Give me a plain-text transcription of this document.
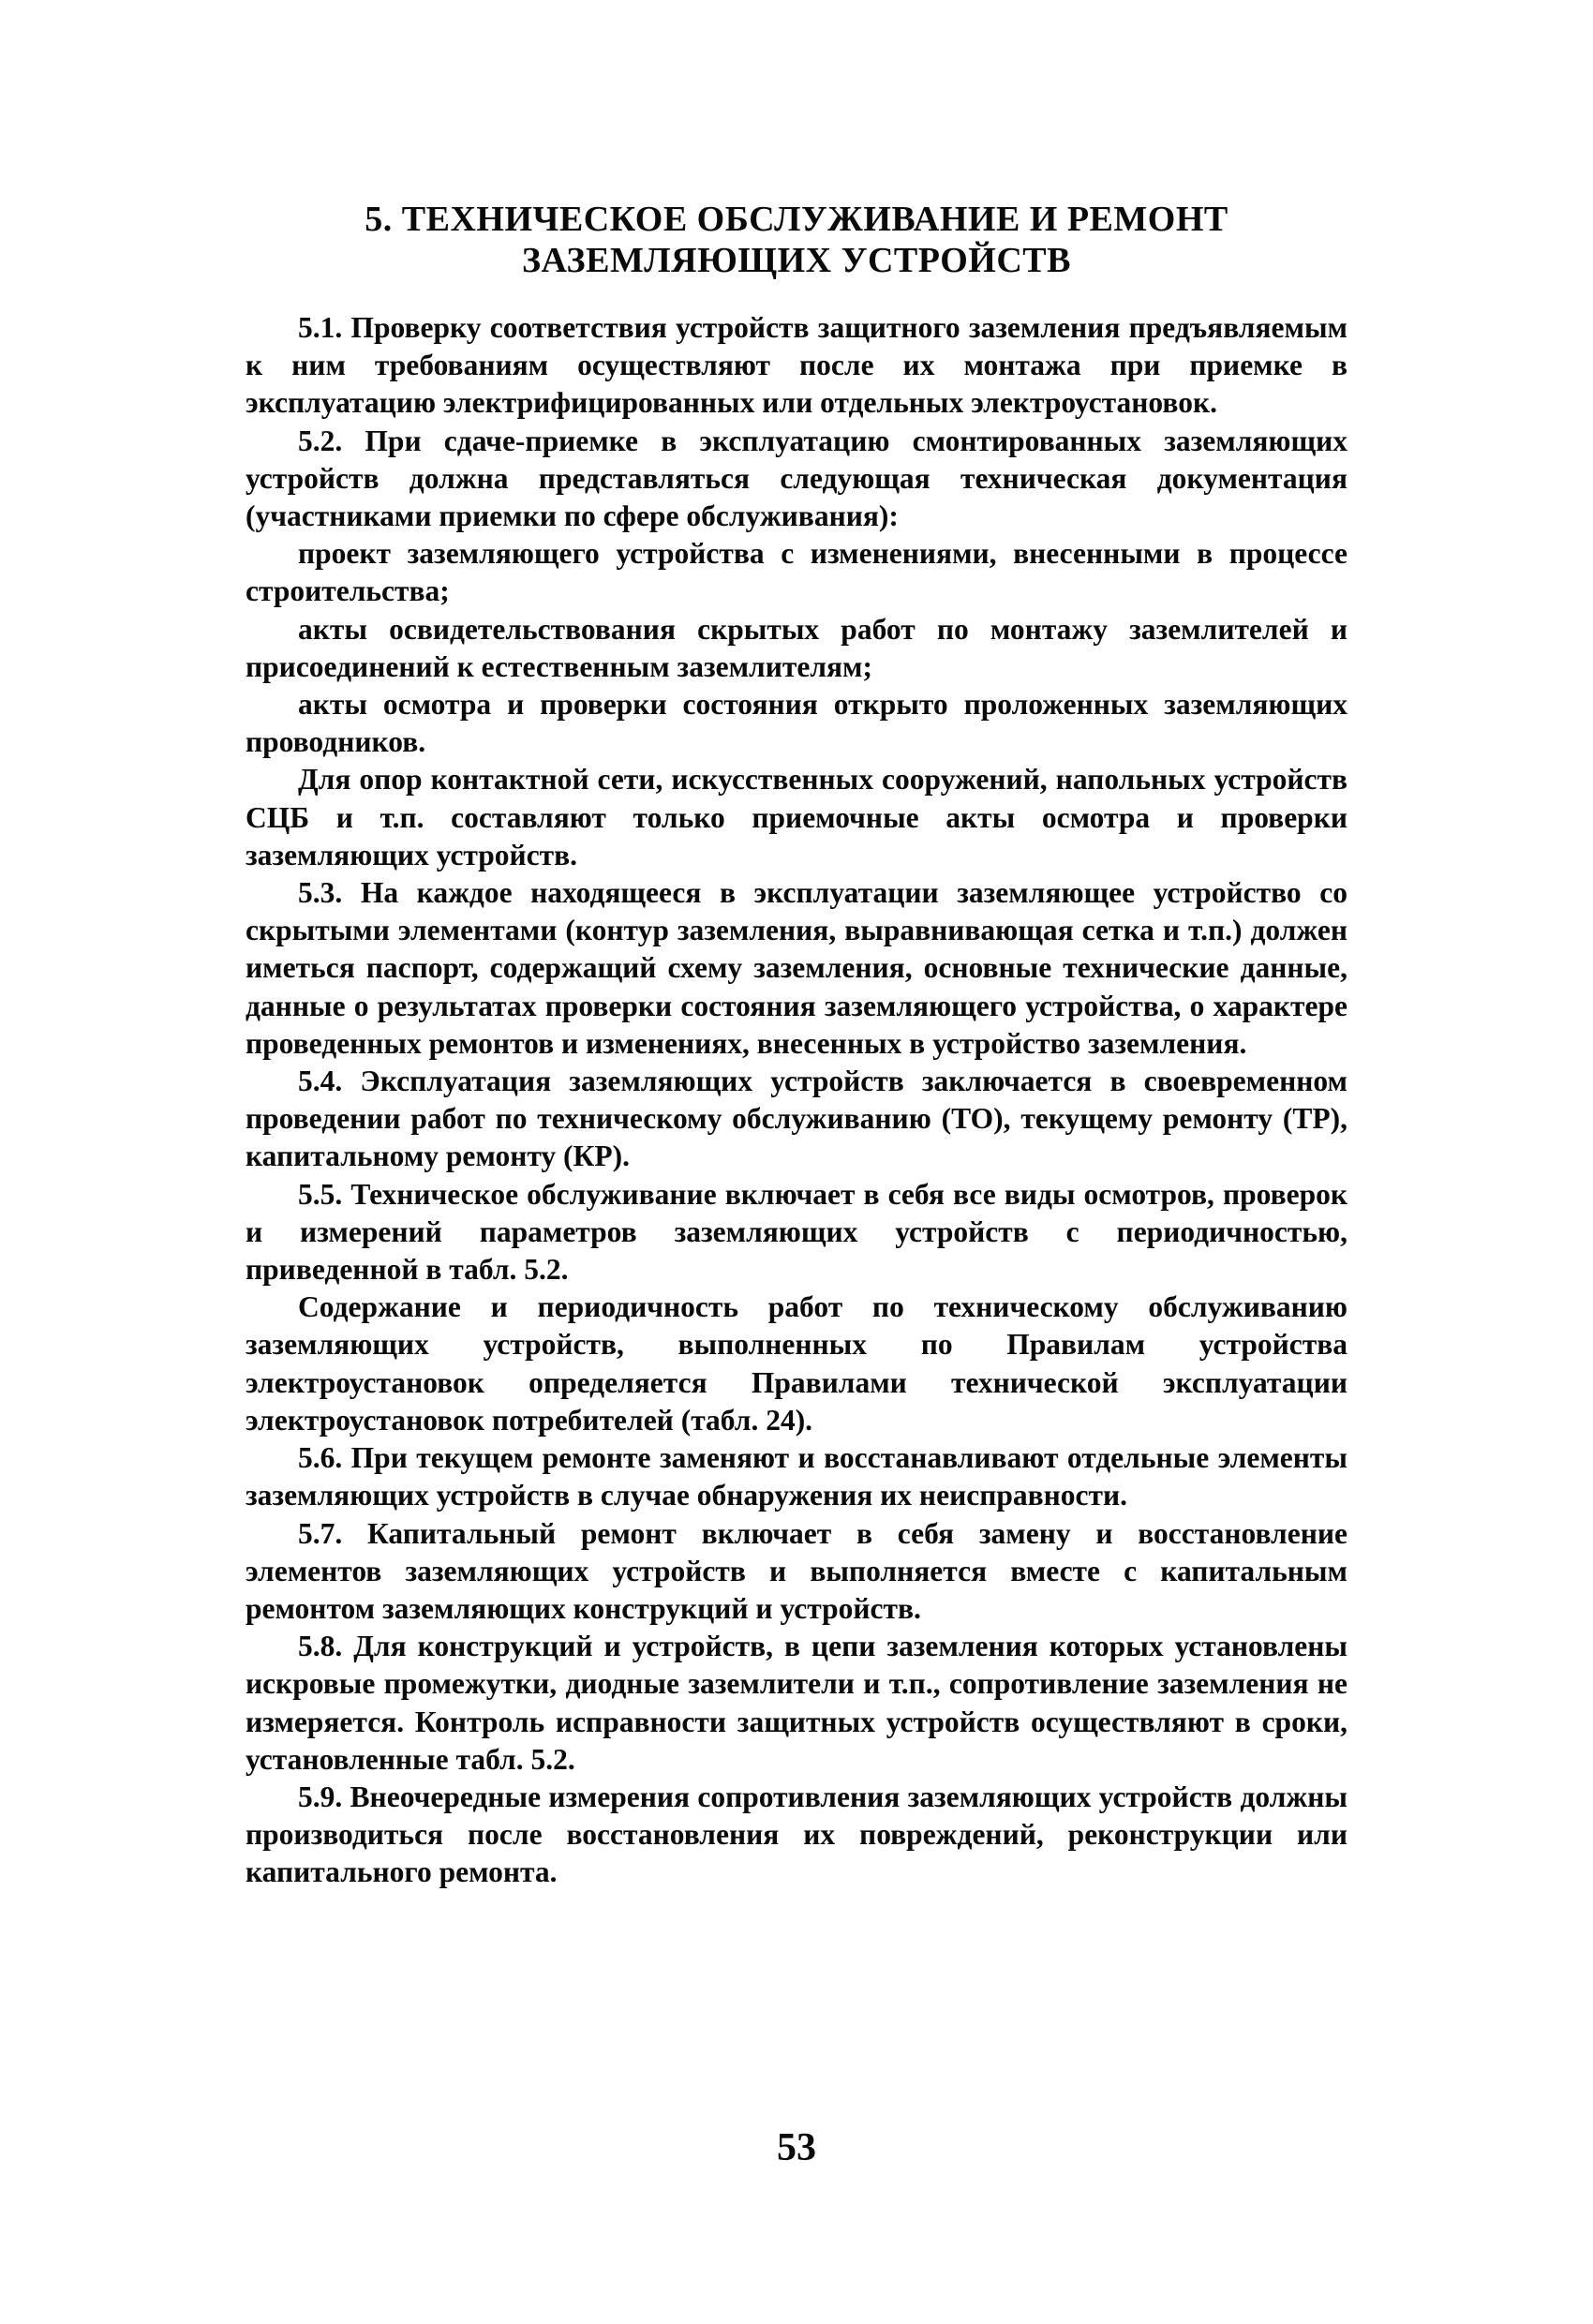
5. ТЕХНИЧЕСКОЕ ОБСЛУЖИВАНИЕ И РЕМОНТ
ЗАЗЕМЛЯЮЩИХ УСТРОЙСТВ

5.1. Проверку соответствия устройств защитного заземления предъявляемым к ним требованиям осуществляют после их монтажа при приемке в эксплуатацию электрифицированных или отдельных электроустановок.

5.2. При сдаче-приемке в эксплуатацию смонтированных заземляющих устройств должна представляться следующая техническая документация (участниками приемки по сфере обслуживания):

проект заземляющего устройства с изменениями, внесенными в процессе строительства;

акты освидетельствования скрытых работ по монтажу заземлителей и присоединений к естественным заземлителям;

акты осмотра и проверки состояния открыто проложенных заземляющих проводников.

Для опор контактной сети, искусственных сооружений, напольных устройств СЦБ и т.п. составляют только приемочные акты осмотра и проверки заземляющих устройств.

5.3. На каждое находящееся в эксплуатации заземляющее устройство со скрытыми элементами (контур заземления, выравнивающая сетка и т.п.) должен иметься паспорт, содержащий схему заземления, основные технические данные, данные о результатах проверки состояния заземляющего устройства, о характере проведенных ремонтов и изменениях, внесенных в устройство заземления.

5.4. Эксплуатация заземляющих устройств заключается в своевременном проведении работ по техническому обслуживанию (ТО), текущему ремонту (ТР), капитальному ремонту (КР).

5.5. Техническое обслуживание включает в себя все виды осмотров, проверок и измерений параметров заземляющих устройств с периодичностью, приведенной в табл. 5.2.

Содержание и периодичность работ по техническому обслуживанию заземляющих устройств, выполненных по Правилам устройства электроустановок определяется Правилами технической эксплуатации электроустановок потребителей (табл. 24).

5.6. При текущем ремонте заменяют и восстанавливают отдельные элементы заземляющих устройств в случае обнаружения их неисправности.

5.7. Капитальный ремонт включает в себя замену и восстановление элементов заземляющих устройств и выполняется вместе с капитальным ремонтом заземляющих конструкций и устройств.

5.8. Для конструкций и устройств, в цепи заземления которых установлены искровые промежутки, диодные заземлители и т.п., сопротивление заземления не измеряется. Контроль исправности защитных устройств осуществляют в сроки, установленные табл. 5.2.

5.9. Внеочередные измерения сопротивления заземляющих устройств должны производиться после восстановления их повреждений, реконструкции или капитального ремонта.

53
